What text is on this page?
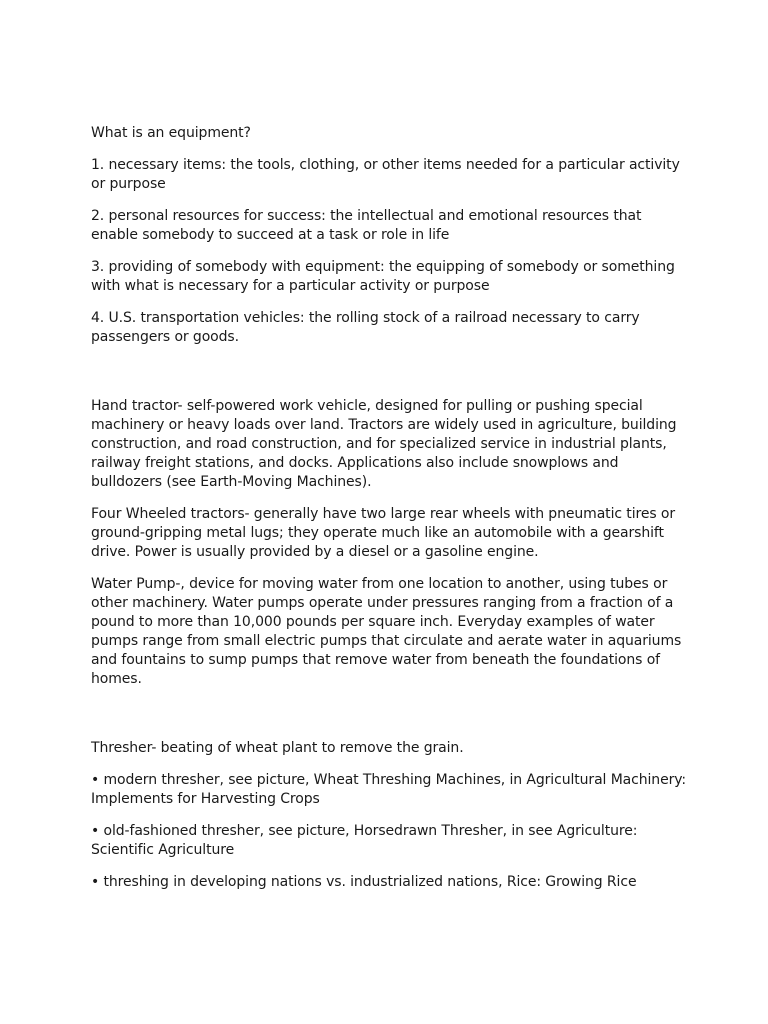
What is an equipment?

1. necessary items: the tools, clothing, or other items needed for a particular activity or purpose

2. personal resources for success: the intellectual and emotional resources that enable somebody to succeed at a task or role in life

3. providing of somebody with equipment: the equipping of somebody or something with what is necessary for a particular activity or purpose

4. U.S. transportation vehicles: the rolling stock of a railroad necessary to carry passengers or goods.

Hand tractor- self-powered work vehicle, designed for pulling or pushing special machinery or heavy loads over land. Tractors are widely used in agriculture, building construction, and road construction, and for specialized service in industrial plants, railway freight stations, and docks. Applications also include snowplows and bulldozers (see Earth-Moving Machines).

Four Wheeled tractors- generally have two large rear wheels with pneumatic tires or ground-gripping metal lugs; they operate much like an automobile with a gearshift drive. Power is usually provided by a diesel or a gasoline engine.

Water Pump-, device for moving water from one location to another, using tubes or other machinery. Water pumps operate under pressures ranging from a fraction of a pound to more than 10,000 pounds per square inch. Everyday examples of water pumps range from small electric pumps that circulate and aerate water in aquariums and fountains to sump pumps that remove water from beneath the foundations of homes.

Thresher- beating of wheat plant to remove the grain.

• modern thresher, see picture, Wheat Threshing Machines, in Agricultural Machinery: Implements for Harvesting Crops

• old-fashioned thresher, see picture, Horsedrawn Thresher, in see Agriculture: Scientific Agriculture

• threshing in developing nations vs. industrialized nations, Rice: Growing Rice
